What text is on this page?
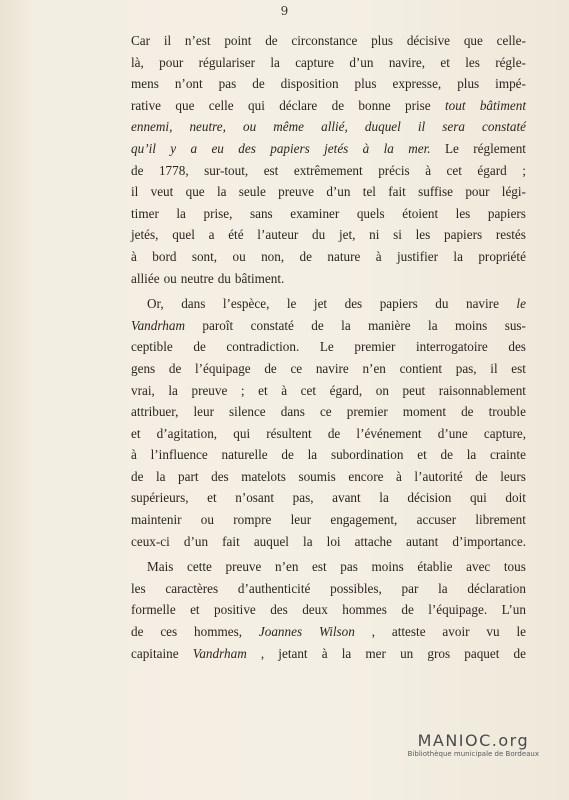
9
Car il n’est point de circonstance plus décisive que celle-
là, pour régulariser la capture d’un navire, et les régle-
mens n’ont pas de disposition plus expresse, plus impé-
rative que celle qui déclare de bonne prise tout bâtiment
ennemi, neutre, ou même allié, duquel il sera constaté
qu’il y a eu des papiers jetés à la mer. Le réglement
de 1778, sur-tout, est extrêmement précis à cet égard ;
il veut que la seule preuve d’un tel fait suffise pour légi-
timer la prise, sans examiner quels étoient les papiers
jetés, quel a été l’auteur du jet, ni si les papiers restés
à bord sont, ou non, de nature à justifier la propriété
alliée ou neutre du bâtiment.
Or, dans l’espèce, le jet des papiers du navire le
Vandrham paroît constaté de la manière la moins sus-
ceptible de contradiction. Le premier interrogatoire des
gens de l’équipage de ce navire n’en contient pas, il est
vrai, la preuve ; et à cet égard, on peut raisonnablement
attribuer, leur silence dans ce premier moment de trouble
et d’agitation, qui résultent de l’événement d’une capture,
à l’influence naturelle de la subordination et de la crainte
de la part des matelots soumis encore à l’autorité de leurs
supérieurs, et n’osant pas, avant la décision qui doit
maintenir ou rompre leur engagement, accuser librement
ceux-ci d’un fait auquel la loi attache autant d’importance.
Mais cette preuve n’en est pas moins établie avec tous
les caractères d’authenticité possibles, par la déclaration
formelle et positive des deux hommes de l’équipage. L’un
de ces hommes, Joannes Wilson , atteste avoir vu le
capitaine Vandrham , jetant à la mer un gros paquet de
MANIOC.org
Bibliothèque municipale de Bordeaux
